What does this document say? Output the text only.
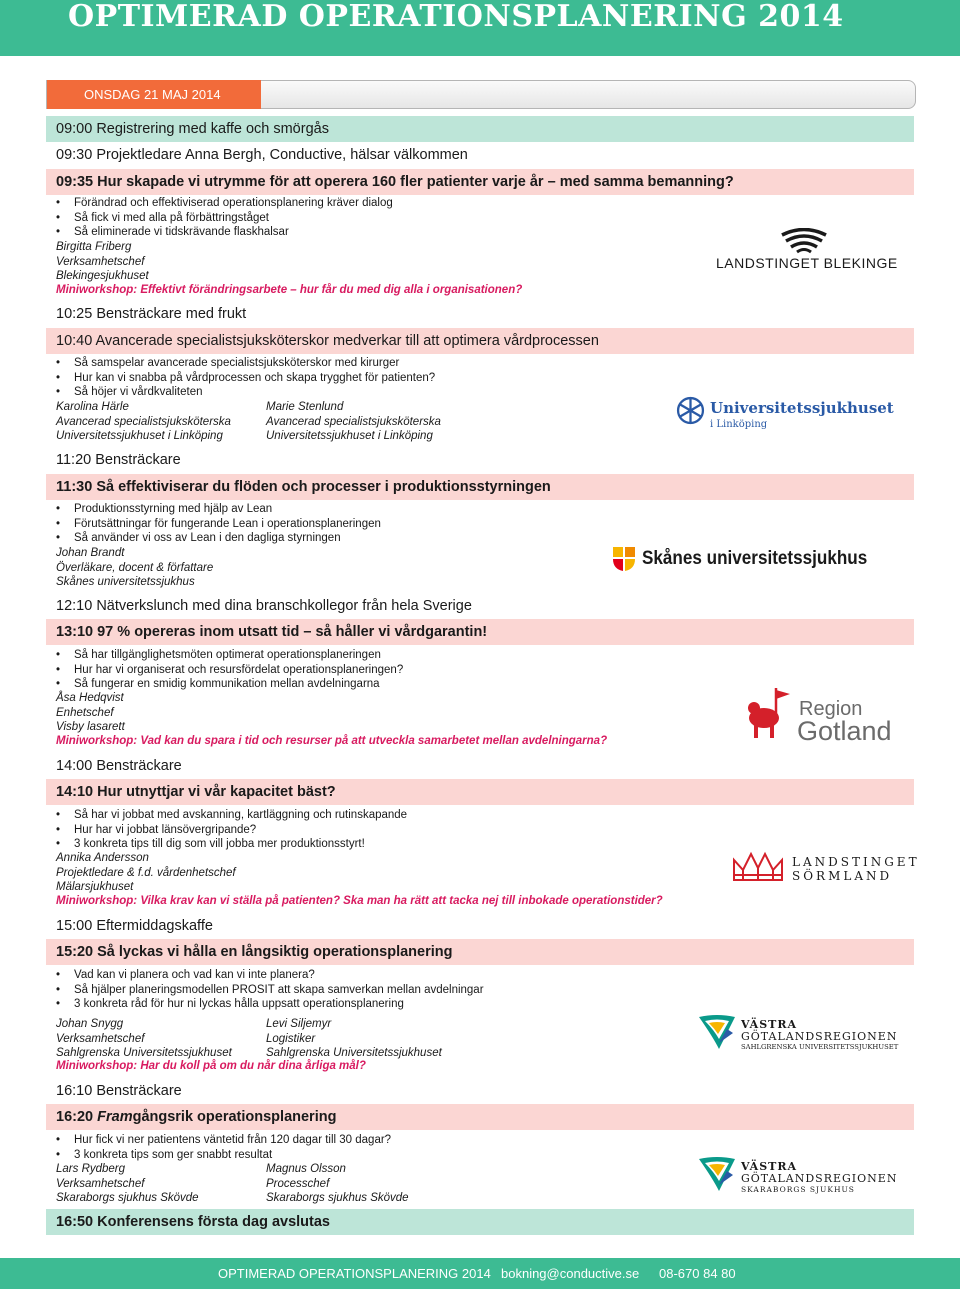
OPTIMERAD OPERATIONSPLANERING 2014
ONSDAG 21 MAJ 2014
09:00 Registrering med kaffe och smörgås
09:30 Projektledare Anna Bergh, Conductive, hälsar välkommen
09:35 Hur skapade vi utrymme för att operera 160 fler patienter varje år – med samma bemanning?
• Förändrad och effektiviserad operationsplanering kräver dialog
• Så fick vi med alla på förbättringståget
• Så eliminerade vi tidskrävande flaskhalsar
Birgitta Friberg
Verksamhetschef
Blekingesjukhuset
Miniworkshop: Effektivt förändringsarbete – hur får du med dig alla i organisationen?
10:25 Bensträckare med frukt
10:40 Avancerade specialistsjuksköterskor medverkar till att optimera vårdprocessen
• Så samspelar avancerade specialistsjuksköterskor med kirurger
• Hur kan vi snabba på vårdprocessen och skapa trygghet för patienten?
• Så höjer vi vårdkvaliteten
Karolina Härle
Avancerad specialistsjuksköterska
Universitetssjukhuset i Linköping
Marie Stenlund
Avancerad specialistsjuksköterska
Universitetssjukhuset i Linköping
11:20 Bensträckare
11:30 Så effektiviserar du flöden och processer i produktionsstyrningen
• Produktionsstyrning med hjälp av Lean
• Förutsättningar för fungerande Lean i operationsplaneringen
• Så använder vi oss av Lean i den dagliga styrningen
Johan Brandt
Överläkare, docent & författare
Skånes universitetssjukhus
12:10 Nätverkslunch med dina branschkollegor från hela Sverige
13:10 97 % opereras inom utsatt tid – så håller vi vårdgarantin!
• Så har tillgänglighetsmöten optimerat operationsplaneringen
• Hur har vi organiserat och resursfördelat operationsplaneringen?
• Så fungerar en smidig kommunikation mellan avdelningarna
Åsa Hedqvist
Enhetschef
Visby lasarett
Miniworkshop: Vad kan du spara i tid och resurser på att utveckla samarbetet mellan avdelningarna?
14:00 Bensträckare
14:10 Hur utnyttjar vi vår kapacitet bäst?
• Så har vi jobbat med avskanning, kartläggning och rutinskapande
• Hur har vi jobbat länsövergripande?
• 3 konkreta tips till dig som vill jobba mer produktionsstyrt!
Annika Andersson
Projektledare & f.d. vårdenhetschef
Mälarsjukhuset
Miniworkshop: Vilka krav kan vi ställa på patienten? Ska man ha rätt att tacka nej till inbokade operationstider?
15:00 Eftermiddagskaffe
15:20 Så lyckas vi hålla en långsiktig operationsplanering
• Vad kan vi planera och vad kan vi inte planera?
• Så hjälper planeringsmodellen PROSIT att skapa samverkan mellan avdelningar
• 3 konkreta råd för hur ni lyckas hålla uppsatt operationsplanering
Johan Snygg
Verksamhetschef
Sahlgrenska Universitetssjukhuset
Levi Siljemyr
Logistiker
Sahlgrenska Universitetssjukhuset
Miniworkshop: Har du koll på om du når dina årliga mål?
16:10 Bensträckare
16:20 Framgångsrik operationsplanering
• Hur fick vi ner patientens väntetid från 120 dagar till 30 dagar?
• 3 konkreta tips som ger snabbt resultat
Lars Rydberg
Verksamhetschef
Skaraborgs sjukhus Skövde
Magnus Olsson
Processchef
Skaraborgs sjukhus Skövde
16:50 Konferensens första dag avslutas
LANDSTINGET BLEKINGE
Universitetssjukhuset
i Linköping
Skånes universitetssjukhus
Region
Gotland
LANDSTINGET
SÖRMLAND
VÄSTRA
GÖTALANDSREGIONEN
SAHLGRENSKA UNIVERSITETSSJUKHUSET
VÄSTRA
GÖTALANDSREGIONEN
SKARABORGS SJUKHUS
OPTIMERAD OPERATIONSPLANERING 2014 bokning@conductive.se 08-670 84 80
